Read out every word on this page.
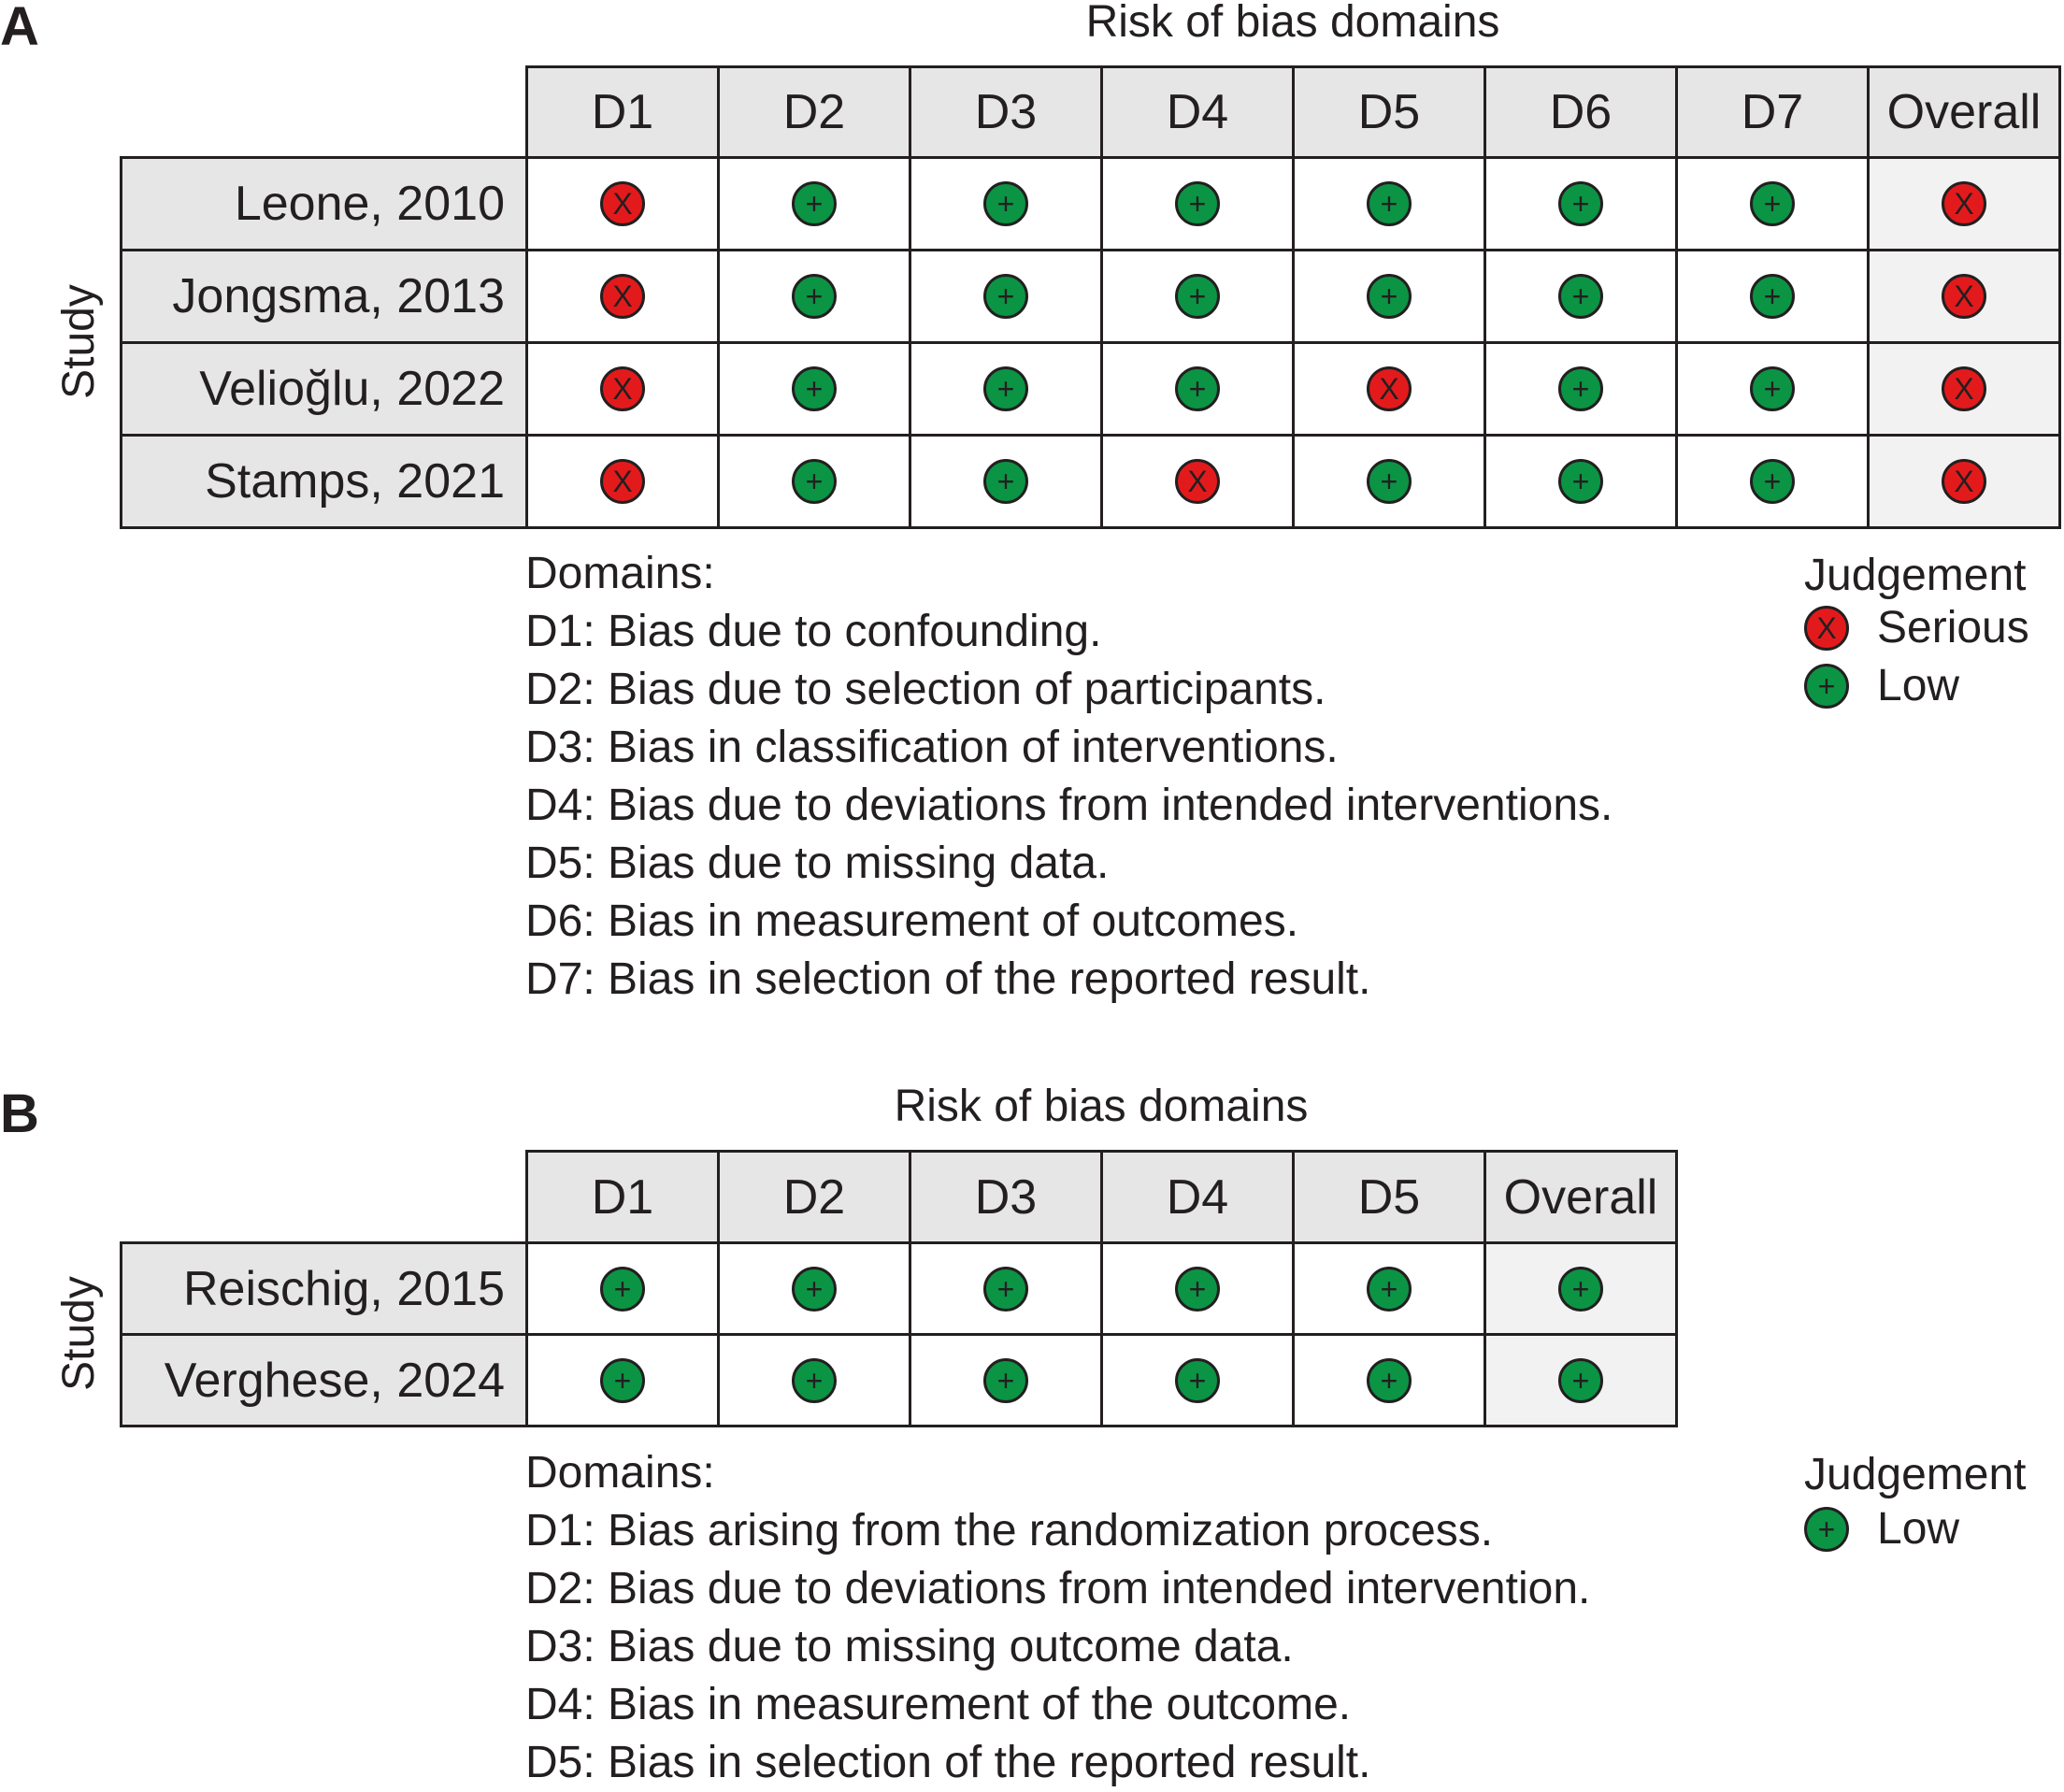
A	Risk of bias domains
D1	D2	D3	D4	D5	D6	D7	Overall
Leone, 2010	X	+	+	+	+	+	+	X
Jongsma, 2013	X	+	+	+	+	+	+	X
Velioğlu, 2022	X	+	+	+	X	+	+	X
Stamps, 2021	X	+	+	X	+	+	+	X
Study
Domains:
D1: Bias due to confounding.
D2: Bias due to selection of participants.
D3: Bias in classification of interventions.
D4: Bias due to deviations from intended interventions.
D5: Bias due to missing data.
D6: Bias in measurement of outcomes.
D7: Bias in selection of the reported result.
Judgement
X Serious
+ Low
B	Risk of bias domains
D1	D2	D3	D4	D5	Overall
Reischig, 2015	+	+	+	+	+	+
Verghese, 2024	+	+	+	+	+	+
Study
Domains:
D1: Bias arising from the randomization process.
D2: Bias due to deviations from intended intervention.
D3: Bias due to missing outcome data.
D4: Bias in measurement of the outcome.
D5: Bias in selection of the reported result.
Judgement
+ Low
